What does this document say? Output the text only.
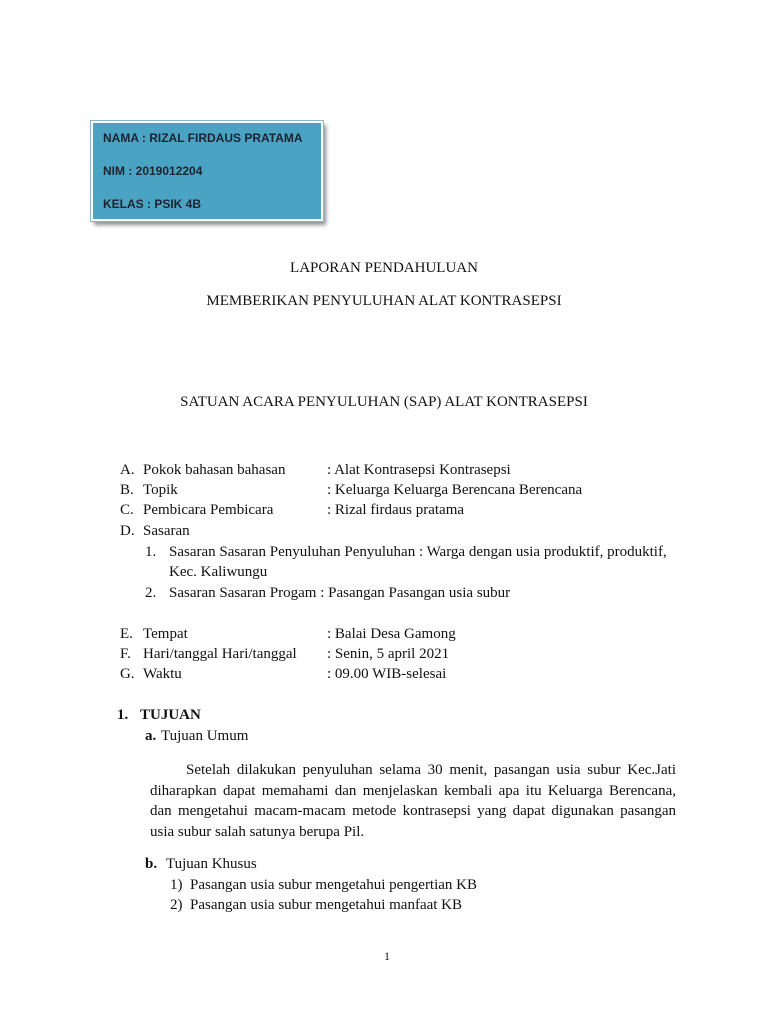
NAMA : RIZAL FIRDAUS PRATAMA
NIM : 2019012204
KELAS : PSIK 4B
LAPORAN PENDAHULUAN
MEMBERIKAN PENYULUHAN ALAT KONTRASEPSI
SATUAN ACARA PENYULUHAN (SAP) ALAT KONTRASEPSI
A. Pokok bahasan bahasan	: Alat Kontrasepsi Kontrasepsi
B. Topik	: Keluarga Keluarga Berencana Berencana
C. Pembicara Pembicara	: Rizal firdaus pratama
D. Sasaran
1. Sasaran Sasaran Penyuluhan Penyuluhan : Warga dengan usia produktif, produktif,
Kec. Kaliwungu
2. Sasaran Sasaran Progam : Pasangan Pasangan usia subur
E. Tempat	: Balai Desa Gamong
F. Hari/tanggal Hari/tanggal : Senin, 5 april 2021
G. Waktu	: 09.00 WIB-selesai
1. TUJUAN
a. Tujuan Umum
Setelah dilakukan penyuluhan selama 30 menit, pasangan usia subur Kec.Jati
diharapkan dapat memahami dan menjelaskan kembali apa itu Keluarga Berencana,
dan mengetahui macam-macam metode kontrasepsi yang dapat digunakan pasangan
usia subur salah satunya berupa Pil.
b. Tujuan Khusus
1) Pasangan usia subur mengetahui pengertian KB
2) Pasangan usia subur mengetahui manfaat KB
1
